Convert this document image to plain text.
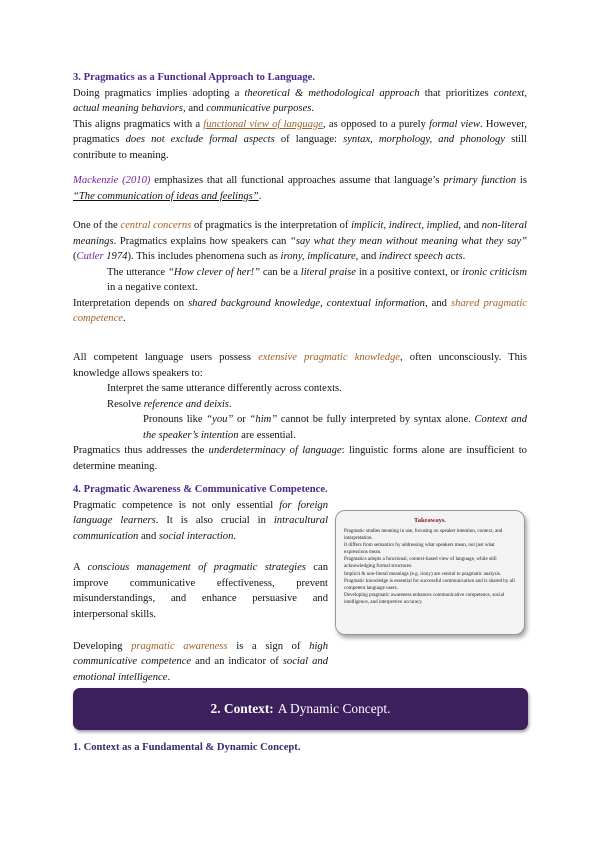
3. Pragmatics as a Functional Approach to Language.

Doing pragmatics implies adopting a theoretical & methodological approach that prioritizes context, actual meaning behaviors, and communicative purposes.

This aligns pragmatics with a functional view of language, as opposed to a purely formal view. However, pragmatics does not exclude formal aspects of language: syntax, morphology, and phonology still contribute to meaning.

Mackenzie (2010) emphasizes that all functional approaches assume that language’s primary function is “The communication of ideas and feelings”.

One of the central concerns of pragmatics is the interpretation of implicit, indirect, implied, and non-literal meanings. Pragmatics explains how speakers can “say what they mean without meaning what they say” (Cutler 1974). This includes phenomena such as irony, implicature, and indirect speech acts.

The utterance “How clever of her!” can be a literal praise in a positive context, or ironic criticism in a negative context.

Interpretation depends on shared background knowledge, contextual information, and shared pragmatic competence.

All competent language users possess extensive pragmatic knowledge, often unconsciously. This knowledge allows speakers to:

Interpret the same utterance differently across contexts.

Resolve reference and deixis.

Pronouns like “you” or “him” cannot be fully interpreted by syntax alone. Context and the speaker’s intention are essential.

Pragmatics thus addresses the underdeterminacy of language: linguistic forms alone are insufficient to determine meaning.

4. Pragmatic Awareness & Communicative Competence.

Pragmatic competence is not only essential for foreign language learners. It is also crucial in intracultural communication and social interaction.

A conscious management of pragmatic strategies can improve communicative effectiveness, prevent misunderstandings, and enhance persuasive and interpersonal skills.

Developing pragmatic awareness is a sign of high communicative competence and an indicator of social and emotional intelligence.

Takeaways.

Pragmatic studies meaning in use, focusing on speaker intention, context, and interpretation.

It differs from semantics by addressing what speakers mean, not just what expressions mean.

Pragmatics adopts a functional, context-based view of language, while still acknowledging formal structures.

Implicit & non-literal meanings (e.g. irony) are central to pragmatic analysis.

Pragmatic knowledge is essential for successful communication and is shared by all competent language users.

Developing pragmatic awareness enhances communicative competence, social intelligence, and interpretive accuracy.

2. Context: A Dynamic Concept.
1. Context as a Fundamental & Dynamic Concept.
